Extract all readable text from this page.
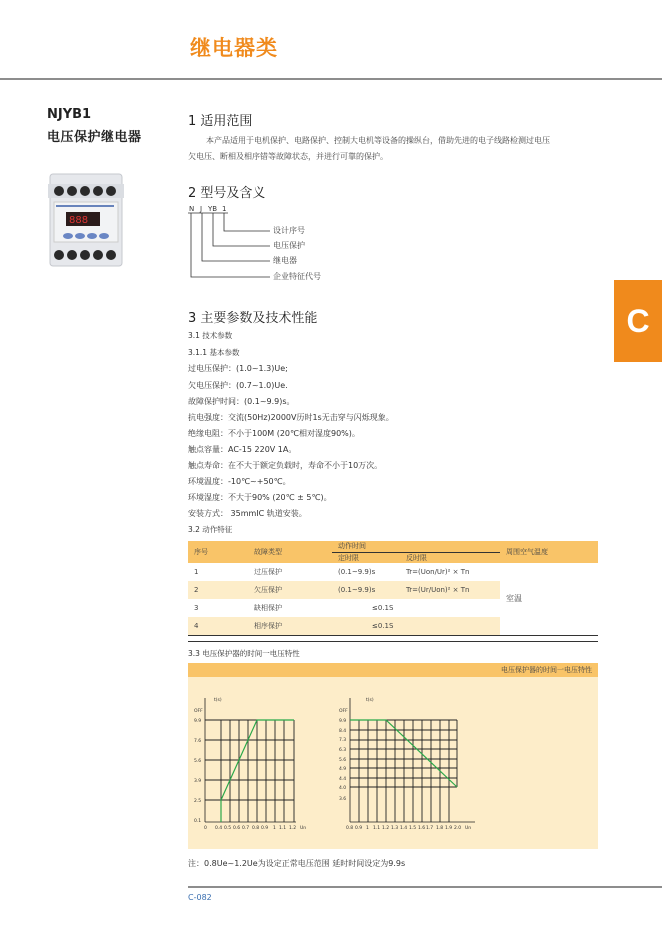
继电器类
NJYB1
电压保护继电器
888
1 适用范围
本产品适用于电机保护、电路保护、控制大电机等设备的操纵台，借助先进的电子线路检测过电压
欠电压、断相及相序错等故障状态，并进行可靠的保护。
2 型号及含义
N J YB 1
设计序号
电压保护
继电器
企业特征代号
C
3 主要参数及技术性能
3.1 技术参数
3.1.1 基本参数
过电压保护：(1.0~1.3)Ue;
欠电压保护：(0.7~1.0)Ue.
故障保护时间：(0.1~9.9)s。
抗电强度：交流(50Hz)2000V历时1s无击穿与闪烁现象。
绝缘电阻：不小于100M (20℃相对湿度90%)。
触点容量：AC-15 220V 1A。
触点寿命：在不大于额定负载时，寿命不小于10万次。
环境温度：-10℃~+50℃。
环境湿度：不大于90% (20℃ ± 5℃)。
安装方式： 35mmIC 轨道安装。
3.2 动作特征
序号	故障类型	动作时间		周围空气温度
		定时限	反时限	
1	过压保护	(0.1~9.9)s	Tr=(Uon/Ur)² × Tn	室温
2	欠压保护	(0.1~9.9)s	Tr=(Ur/Uon)² × Tn	
3	缺相保护	≤0.1S		
4	相序保护	≤0.1S		
3.3 电压保护器的时间一电压特性
电压保护器的时间一电压特性
t(s)
OFF
9.9
7.6
5.6
3.9
2.5
0.1
0 0.4 0.5 0.6 0.7 0.8 0.9 1 1.1 1.2 Un
t(s)
OFF
9.9
8.4
7.3
6.3
5.6
4.9
4.4
4.0
3.6
0.8 0.9 1 1.1 1.2 1.3 1.4 1.5 1.6 1.7 1.8 1.9 2.0 Un
注：0.8Ue~1.2Ue为设定正常电压范围 延时时间设定为9.9s
C-082
